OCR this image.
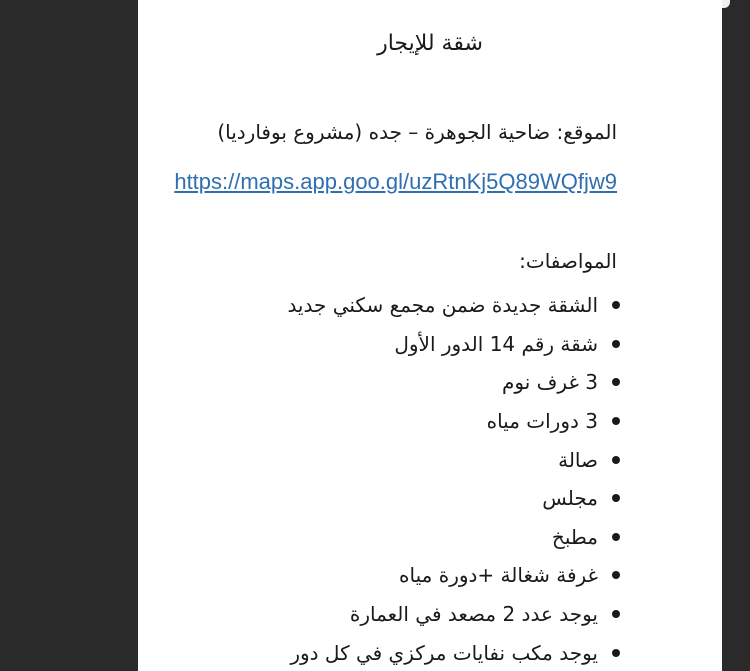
شقة للإيجار
الموقع: ضاحية الجوهرة – جده (مشروع بوفارديا)
https://maps.app.goo.gl/uzRtnKj5Q89WQfjw9
المواصفات:
الشقة جديدة ضمن مجمع سكني جديد
شقة رقم 14 الدور الأول
3 غرف نوم
3 دورات مياه
صالة
مجلس
مطبخ
غرفة شغالة +دورة مياه
يوجد عدد 2 مصعد في العمارة
يوجد مكب نفايات مركزي في كل دور
